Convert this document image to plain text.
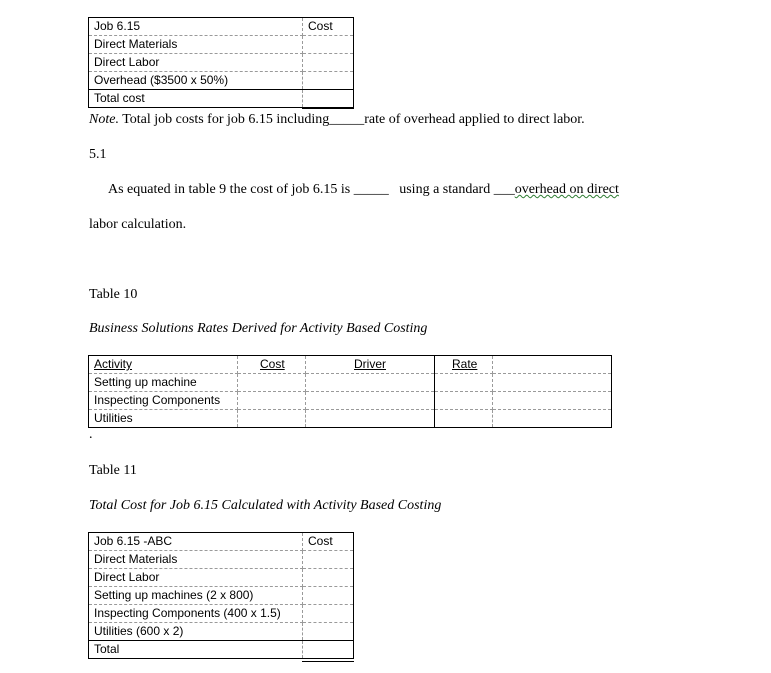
Job 6.15	Cost
Direct Materials	
Direct Labor	
Overhead ($3500 x 50%)	
Total cost	
Note. Total job costs for job 6.15 including_____rate of overhead applied to direct labor.
5.1
As equated in table 9 the cost of job 6.15 is _____ using a standard ___overhead on direct
labor calculation.
Table 10
Business Solutions Rates Derived for Activity Based Costing
Activity	Cost	Driver	Rate	
Setting up machine				
Inspecting Components				
Utilities				
.
Table 11
Total Cost for Job 6.15 Calculated with Activity Based Costing
Job 6.15 -ABC	Cost
Direct Materials	
Direct Labor	
Setting up machines (2 x 800)	
Inspecting Components (400 x 1.5)	
Utilities (600 x 2)	
Total	
